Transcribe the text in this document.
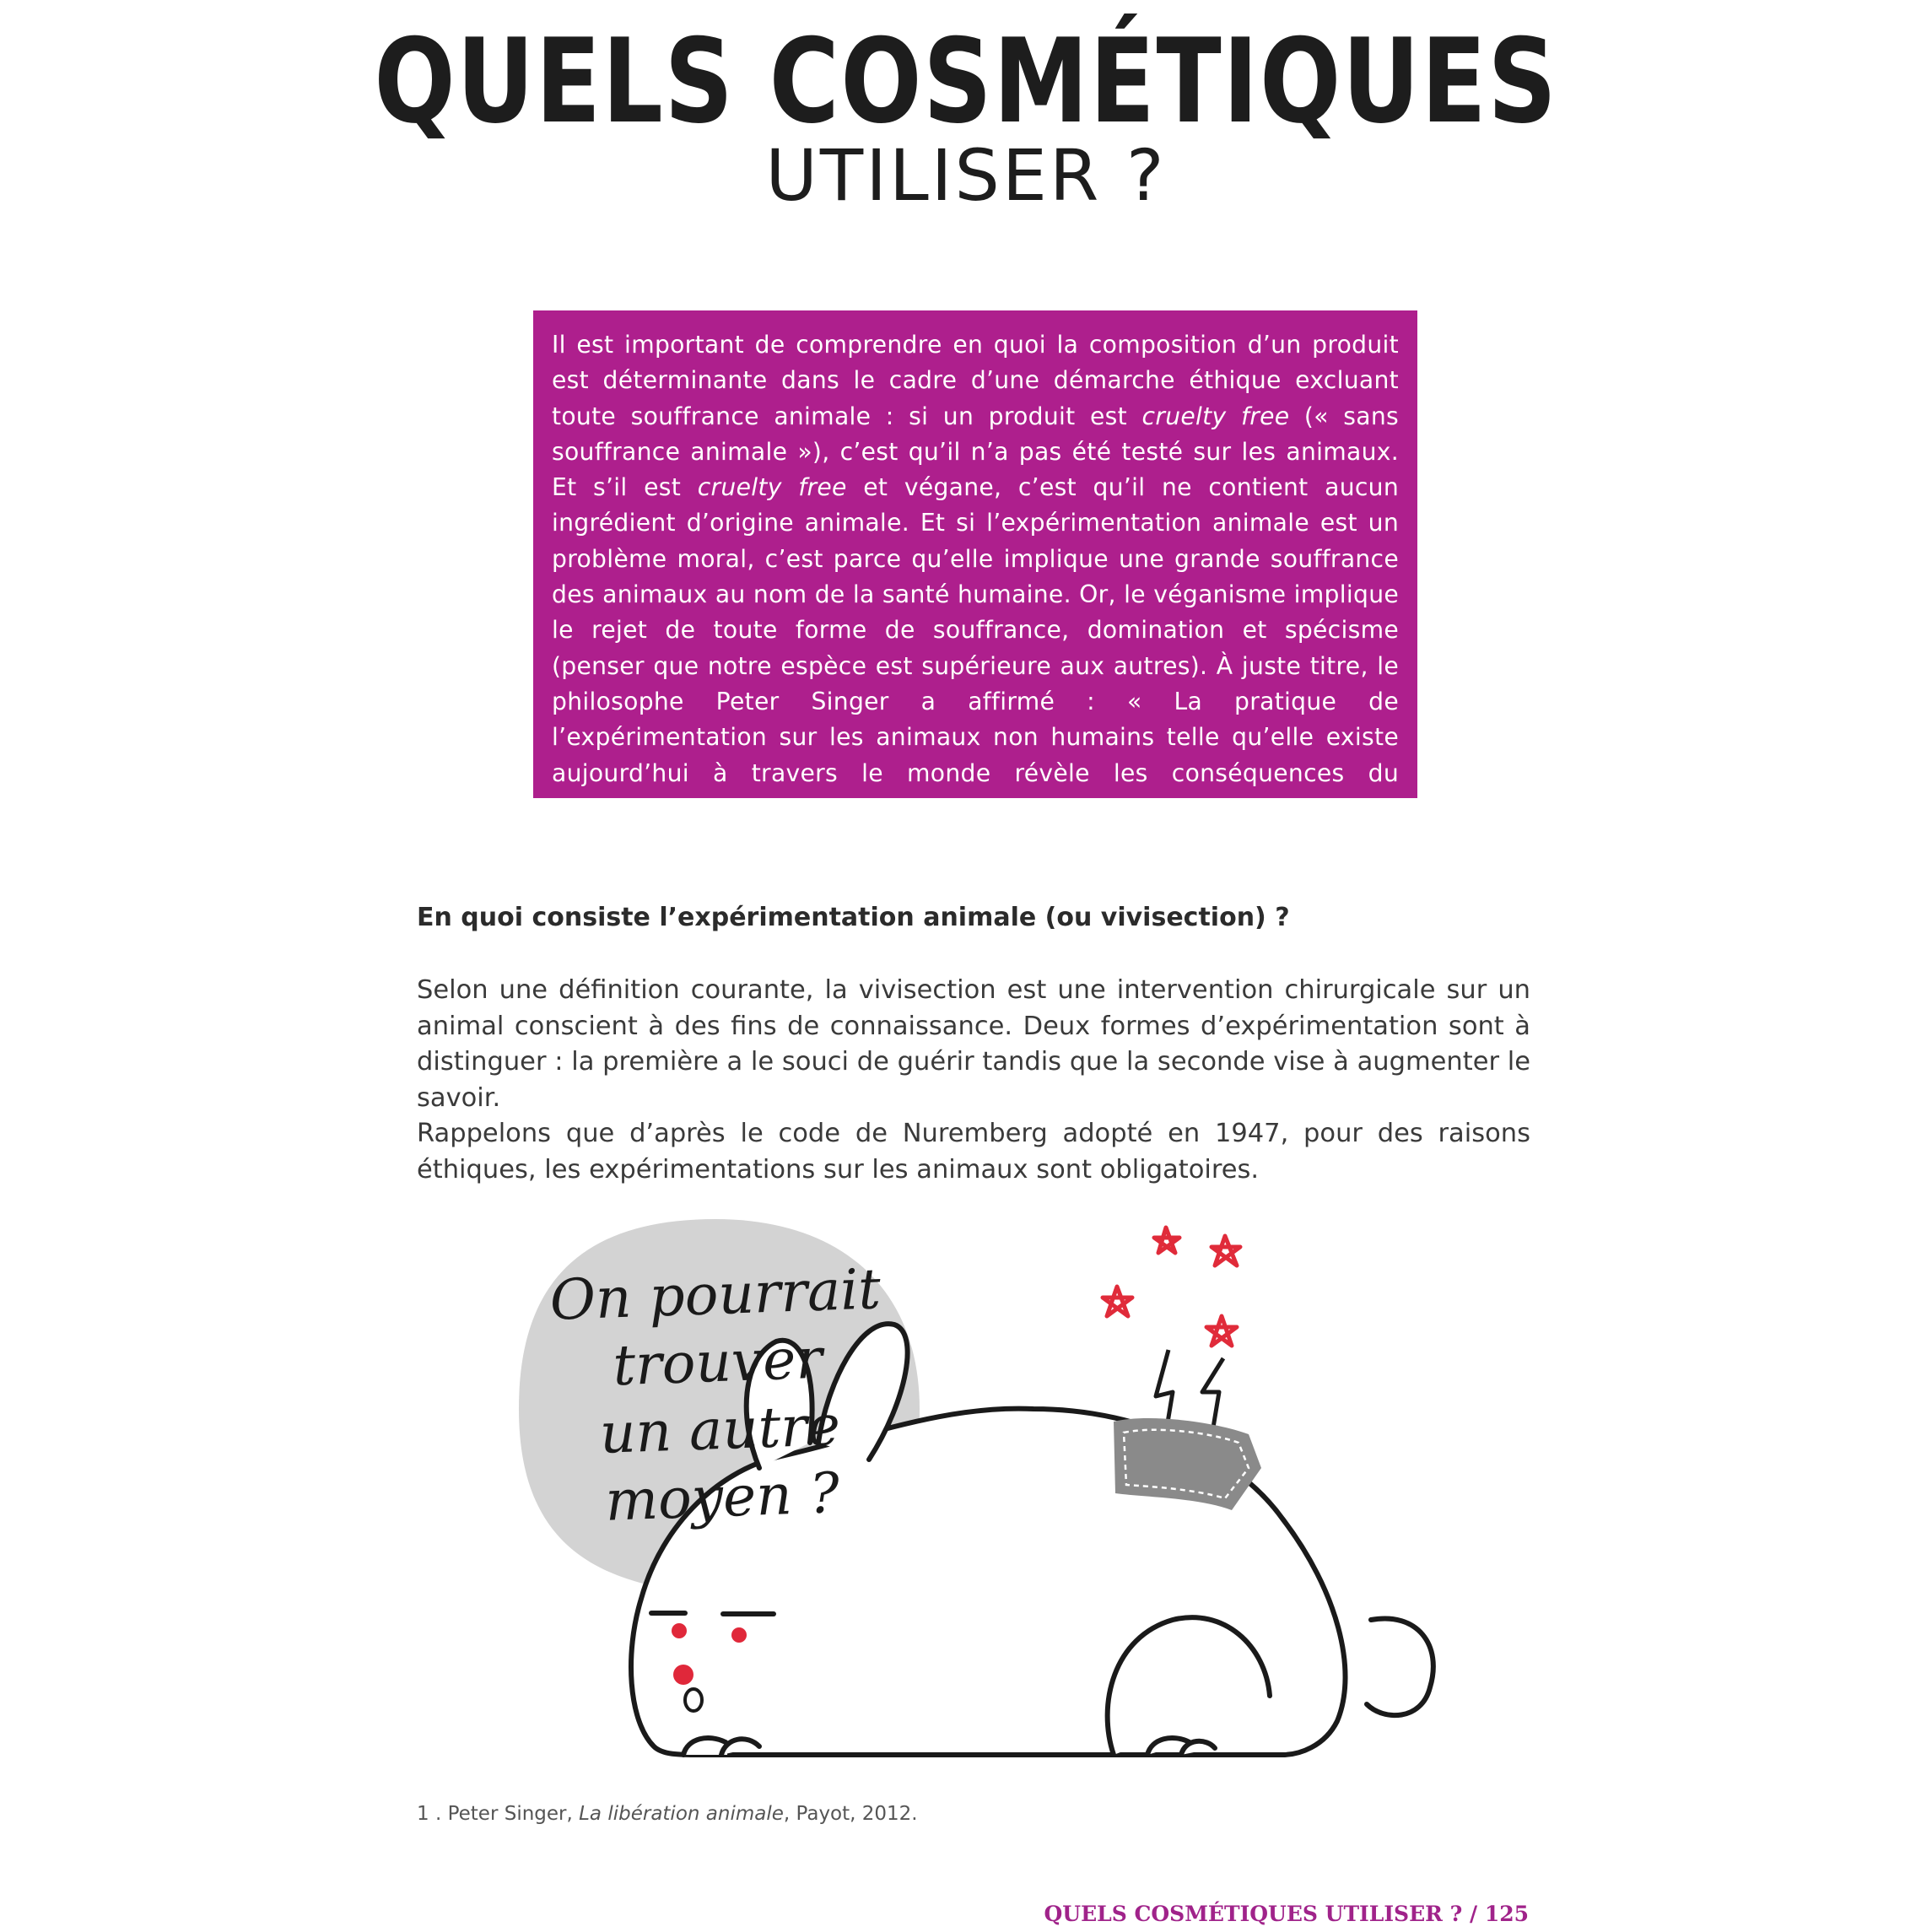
QUELS COSMÉTIQUES
UTILISER ?

Il est important de comprendre en quoi la composition d’un produit est déterminante dans le cadre d’une démarche éthique excluant toute souffrance animale : si un produit est cruelty free (« sans souffrance animale »), c’est qu’il n’a pas été testé sur les animaux. Et s’il est cruelty free et végane, c’est qu’il ne contient aucun ingrédient d’origine animale. Et si l’expérimentation animale est un problème moral, c’est parce qu’elle implique une grande souffrance des animaux au nom de la santé humaine. Or, le véganisme implique le rejet de toute forme de souffrance, domination et spécisme (penser que notre espèce est supérieure aux autres). À juste titre, le philosophe Peter Singer a affirmé : « La pratique de l’expérimentation sur les animaux non humains telle qu’elle existe aujourd’hui à travers le monde révèle les conséquences du spécisme$^1$. »

En quoi consiste l’expérimentation animale (ou vivisection) ?

Selon une définition courante, la vivisection est une intervention chirurgicale sur un animal conscient à des fins de connaissance. Deux formes d’expérimentation sont à distinguer : la première a le souci de guérir tandis que la seconde vise à augmenter le savoir.

Rappelons que d’après le code de Nuremberg adopté en 1947, pour des raisons éthiques, les expérimentations sur les animaux sont obligatoires.

On pourrait
trouver
un autre
moyen ?
1 . Peter Singer, La libération animale, Payot, 2012.
QUELS COSMÉTIQUES UTILISER ? / 125
